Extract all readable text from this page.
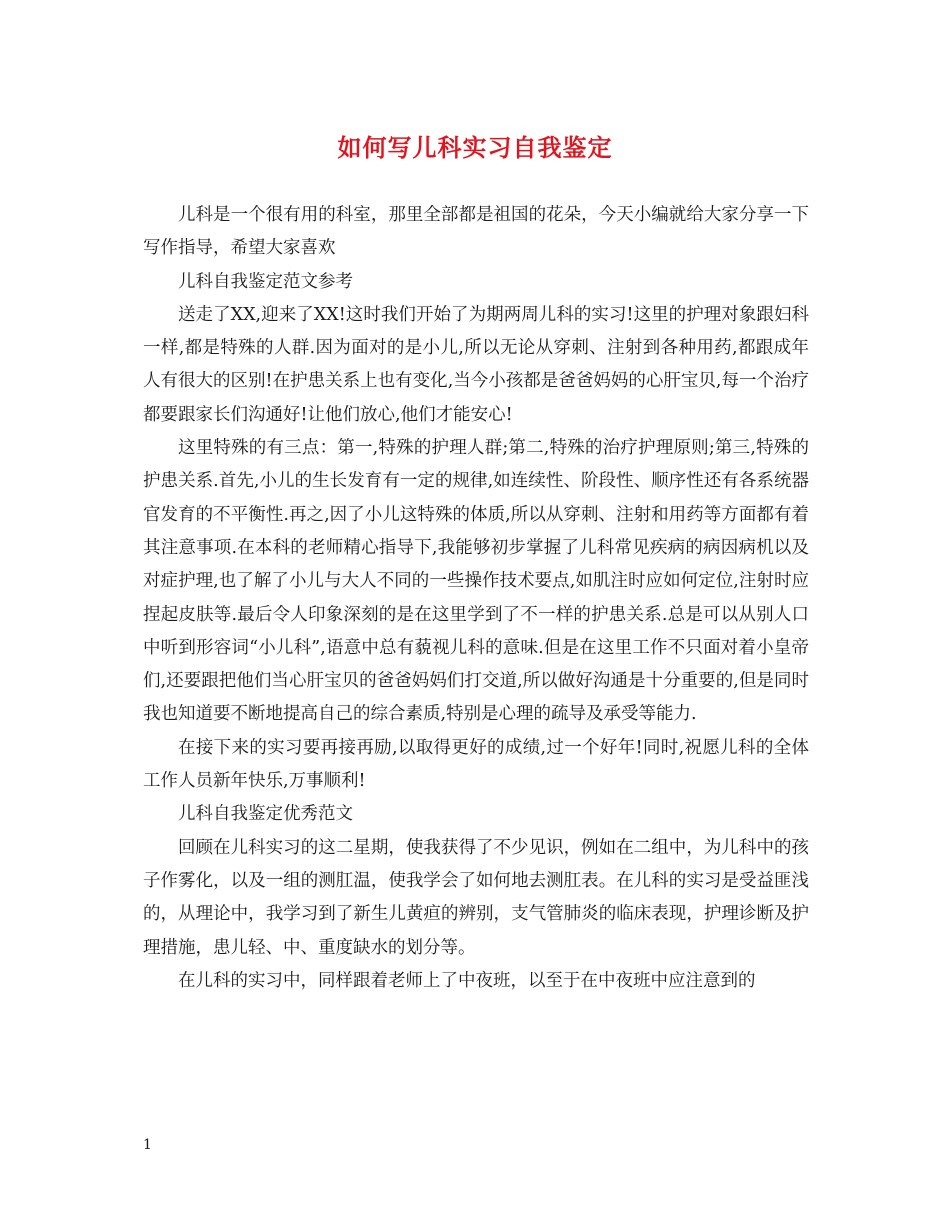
如何写儿科实习自我鉴定

儿科是一个很有用的科室，那里全部都是祖国的花朵，今天小编就给大家分享一下写作指导，希望大家喜欢

儿科自我鉴定范文参考

送走了XX,迎来了XX!这时我们开始了为期两周儿科的实习!这里的护理对象跟妇科一样,都是特殊的人群.因为面对的是小儿,所以无论从穿刺、注射到各种用药,都跟成年人有很大的区别!在护患关系上也有变化,当今小孩都是爸爸妈妈的心肝宝贝,每一个治疗都要跟家长们沟通好!让他们放心,他们才能安心!

这里特殊的有三点：第一,特殊的护理人群;第二,特殊的治疗护理原则;第三,特殊的护患关系.首先,小儿的生长发育有一定的规律,如连续性、阶段性、顺序性还有各系统器官发育的不平衡性.再之,因了小儿这特殊的体质,所以从穿刺、注射和用药等方面都有着其注意事项.在本科的老师精心指导下,我能够初步掌握了儿科常见疾病的病因病机以及对症护理,也了解了小儿与大人不同的一些操作技术要点,如肌注时应如何定位,注射时应捏起皮肤等.最后令人印象深刻的是在这里学到了不一样的护患关系.总是可以从别人口中听到形容词“小儿科”,语意中总有藐视儿科的意味.但是在这里工作不只面对着小皇帝们,还要跟把他们当心肝宝贝的爸爸妈妈们打交道,所以做好沟通是十分重要的,但是同时我也知道要不断地提高自己的综合素质,特别是心理的疏导及承受等能力.

在接下来的实习要再接再励,以取得更好的成绩,过一个好年!同时,祝愿儿科的全体工作人员新年快乐,万事顺利!

儿科自我鉴定优秀范文

回顾在儿科实习的这二星期，使我获得了不少见识，例如在二组中，为儿科中的孩子作雾化，以及一组的测肛温，使我学会了如何地去测肛表。在儿科的实习是受益匪浅的，从理论中，我学习到了新生儿黄疸的辨别，支气管肺炎的临床表现，护理诊断及护理措施，患儿轻、中、重度缺水的划分等。

在儿科的实习中，同样跟着老师上了中夜班，以至于在中夜班中应注意到的

1
